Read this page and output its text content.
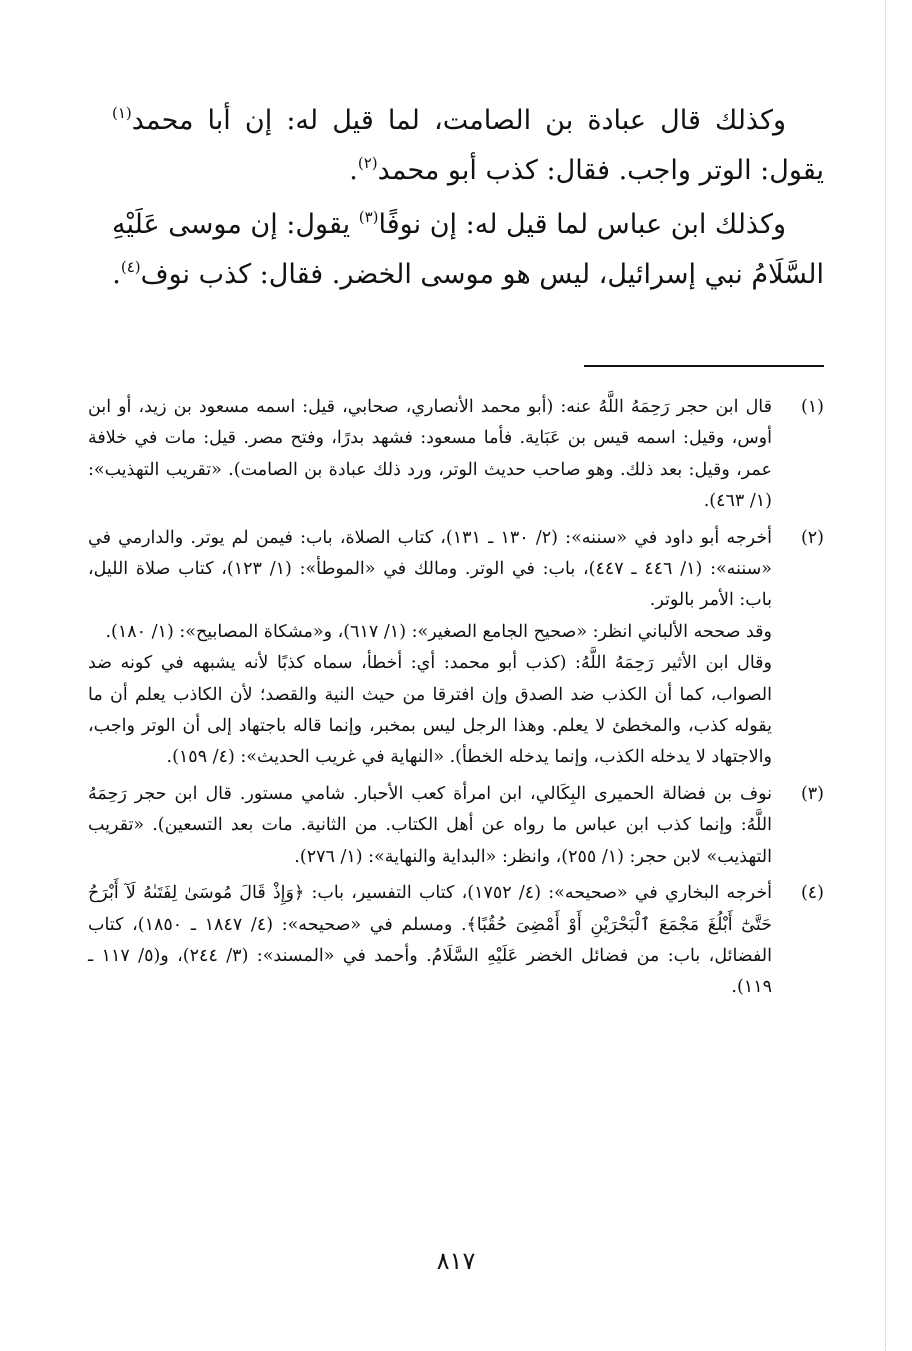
وكذلك قال عبادة بن الصامت، لما قيل له: إن أبا محمد$^{(١)}$ يقول: الوتر واجب. فقال: كذب أبو محمد$^{(٢)}$.

وكذلك ابن عباس لما قيل له: إن نوفًا$^{(٣)}$ يقول: إن موسى عَلَيْهِ السَّلَامُ نبي إسرائيل، ليس هو موسى الخضر. فقال: كذب نوف$^{(٤)}$.

(١)

قال ابن حجر رَحِمَهُ اللَّهُ عنه: (أبو محمد الأنصاري، صحابي، قيل: اسمه مسعود بن زيد، أو ابن أوس، وقيل: اسمه قيس بن عَبَاية. فأما مسعود: فشهد بدرًا، وفتح مصر. قيل: مات في خلافة عمر، وقيل: بعد ذلك. وهو صاحب حديث الوتر، ورد ذلك عبادة بن الصامت). «تقريب التهذيب»: (١/ ٤٦٣).

(٢)

أخرجه أبو داود في «سننه»: (٢/ ١٣٠ ـ ١٣١)، كتاب الصلاة، باب: فيمن لم يوتر. والدارمي في «سننه»: (١/ ٤٤٦ ـ ٤٤٧)، باب: في الوتر. ومالك في «الموطأ»: (١/ ١٢٣)، كتاب صلاة الليل، باب: الأمر بالوتر.

وقد صححه الألباني انظر: «صحيح الجامع الصغير»: (١/ ٦١٧)، و«مشكاة المصابيح»: (١/ ١٨٠).

وقال ابن الأثير رَحِمَهُ اللَّهُ: (كذب أبو محمد: أي: أخطأ، سماه كذبًا لأنه يشبهه في كونه ضد الصواب، كما أن الكذب ضد الصدق وإن افترقا من حيث النية والقصد؛ لأن الكاذب يعلم أن ما يقوله كذب، والمخطئ لا يعلم. وهذا الرجل ليس بمخبر، وإنما قاله باجتهاد إلى أن الوتر واجب، والاجتهاد لا يدخله الكذب، وإنما يدخله الخطأ). «النهاية في غريب الحديث»: (٤/ ١٥٩).

(٣)

نوف بن فضالة الحميرى البِكَالي، ابن امرأة كعب الأحبار. شامي مستور. قال ابن حجر رَحِمَهُ اللَّهُ: وإنما كذب ابن عباس ما رواه عن أهل الكتاب. من الثانية. مات بعد التسعين). «تقريب التهذيب» لابن حجر: (١/ ٢٥٥)، وانظر: «البداية والنهاية»: (١/ ٢٧٦).

(٤)

أخرجه البخاري في «صحيحه»: (٤/ ١٧٥٢)، كتاب التفسير، باب: ﴿وَإِذْ قَالَ مُوسَىٰ لِفَتَىٰهُ لَآ أَبْرَحُ حَتَّىٰٓ أَبْلُغَ مَجْمَعَ ٱلْبَحْرَيْنِ أَوْ أَمْضِىَ حُقُبًا﴾. ومسلم في «صحيحه»: (٤/ ١٨٤٧ ـ ١٨٥٠)، كتاب الفضائل، باب: من فضائل الخضر عَلَيْهِ السَّلَامُ. وأحمد في «المسند»: (٣/ ٢٤٤)، و(٥/ ١١٧ ـ ١١٩).

٨١٧
